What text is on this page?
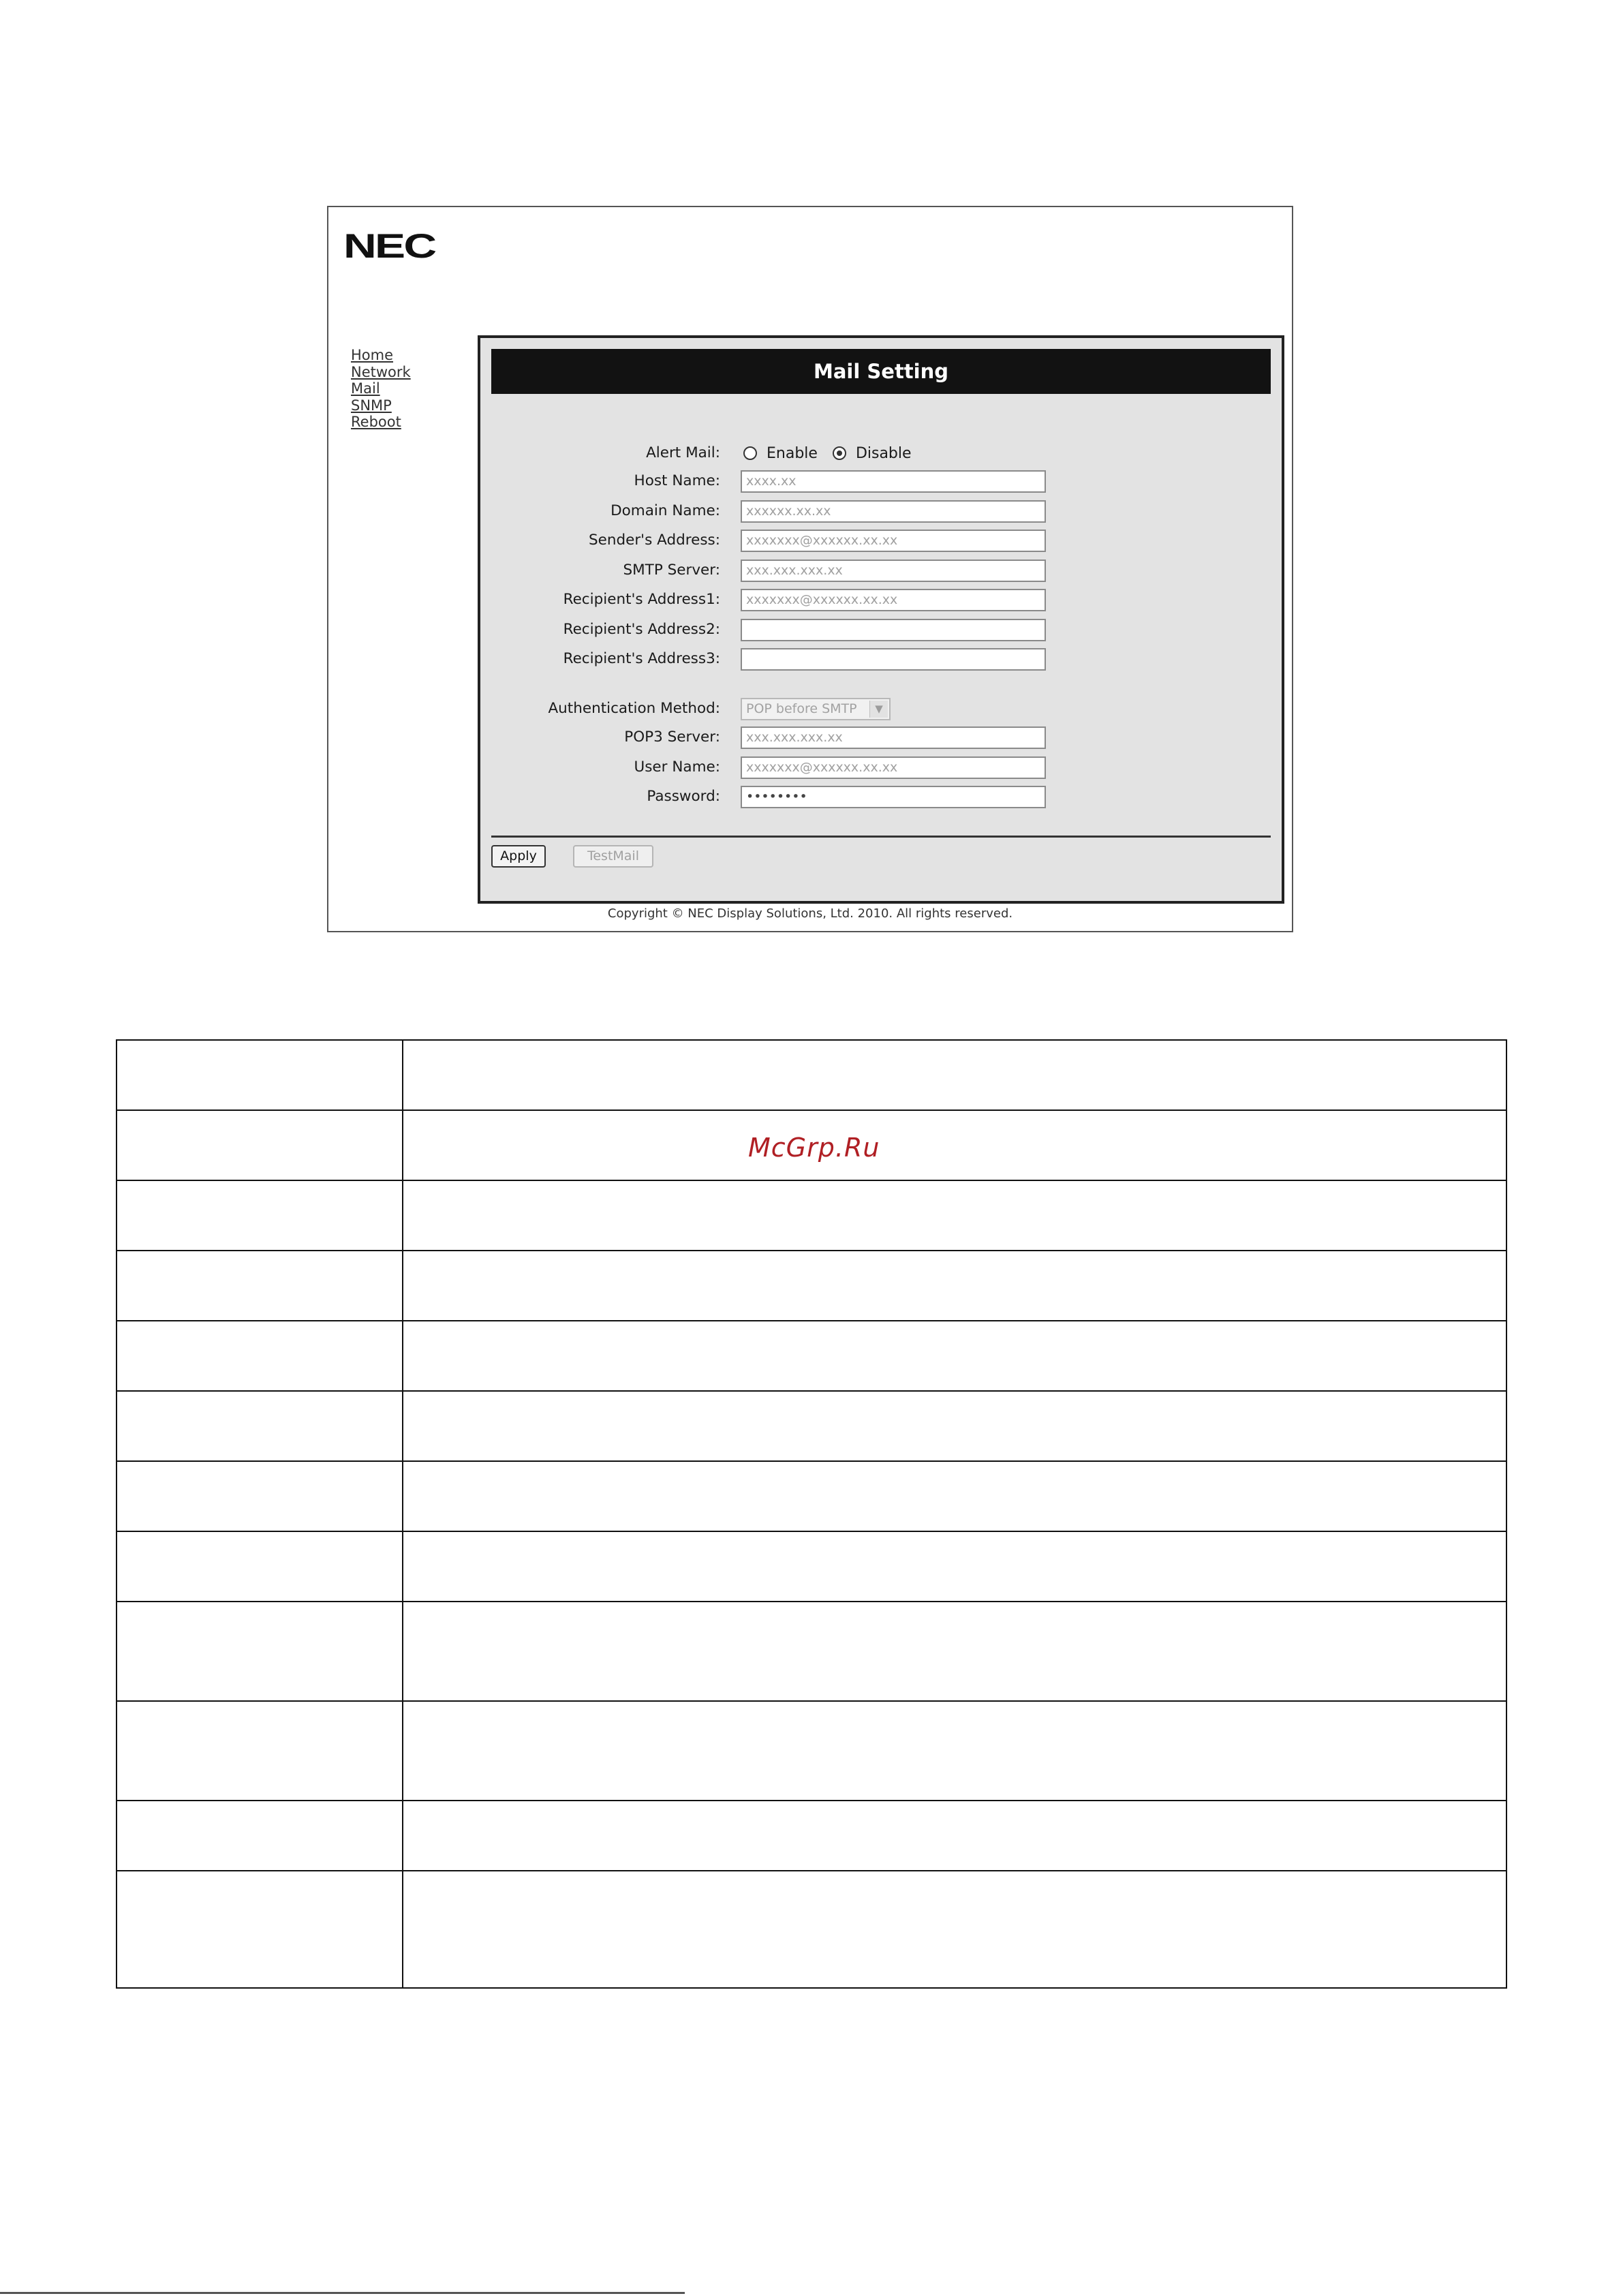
NEC
Home
Network
Mail
SNMP
Reboot
Mail Setting
Alert Mail:	Enable	Disable
Host Name:	xxxx.xx
Domain Name:	xxxxxx.xx.xx
Sender's Address:	xxxxxxx@xxxxxx.xx.xx
SMTP Server:	xxx.xxx.xxx.xx
Recipient's Address1:	xxxxxxx@xxxxxx.xx.xx
Recipient's Address2:
Recipient's Address3:
Authentication Method:	POP before SMTP	▼
POP3 Server:	xxx.xxx.xxx.xx
User Name:	xxxxxxx@xxxxxx.xx.xx
Password:	••••••••
Apply	TestMail
Copyright © NEC Display Solutions, Ltd. 2010. All rights reserved.

McGrp.Ru
